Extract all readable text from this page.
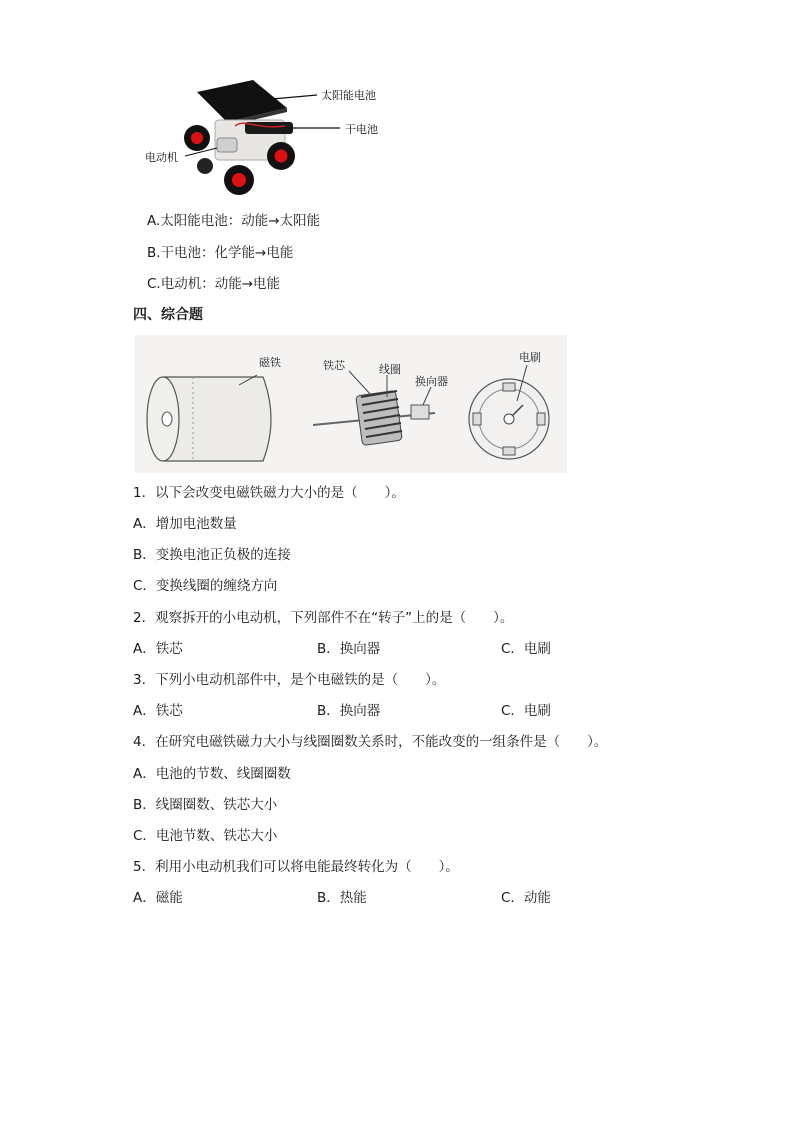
太阳能电池
干电池
电动机
A.太阳能电池：动能→太阳能
B.干电池：化学能→电能
C.电动机：动能→电能
四、综合题
磁铁	铁芯	线圈
换向器
电刷
1．以下会改变电磁铁磁力大小的是（　　）。
A．增加电池数量
B．变换电池正负极的连接
C．变换线圈的缠绕方向
2．观察拆开的小电动机，下列部件不在“转子”上的是（　　）。
A．铁芯	B．换向器	C．电刷
3．下列小电动机部件中，是个电磁铁的是（　　）。
A．铁芯	B．换向器	C．电刷
4．在研究电磁铁磁力大小与线圈圈数关系时，不能改变的一组条件是（　　）。
A．电池的节数、线圈圈数
B．线圈圈数、铁芯大小
C．电池节数、铁芯大小
5．利用小电动机我们可以将电能最终转化为（　　）。
A．磁能	B．热能	C．动能
